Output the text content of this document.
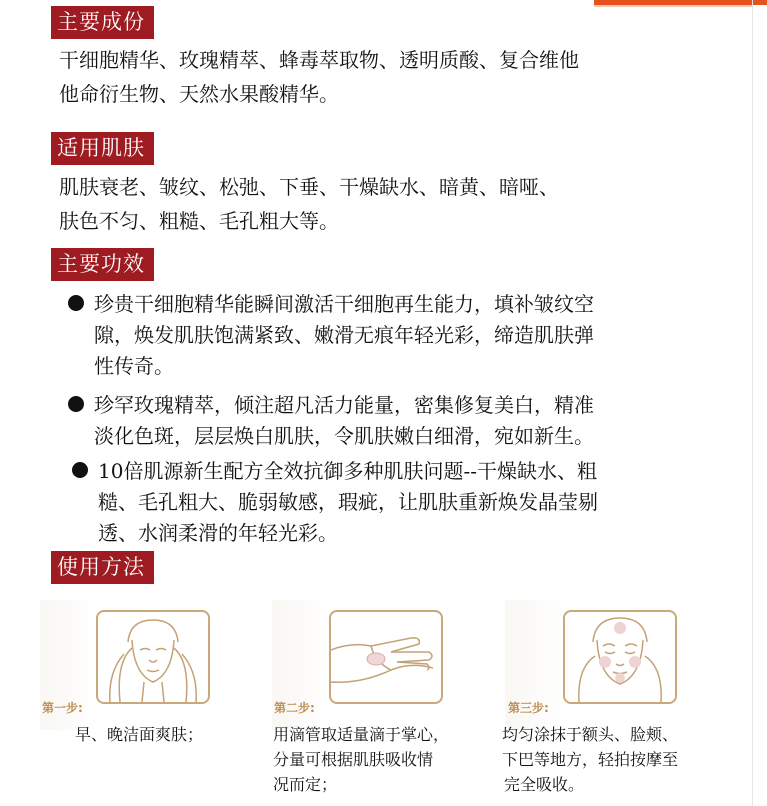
主要成份
干细胞精华、玫瑰精萃、蜂毒萃取物、透明质酸、复合维他
他命衍生物、天然水果酸精华。
适用肌肤
肌肤衰老、皱纹、松弛、下垂、干燥缺水、暗黄、暗哑、
肤色不匀、粗糙、毛孔粗大等。
主要功效
珍贵干细胞精华能瞬间激活干细胞再生能力，填补皱纹空
隙，焕发肌肤饱满紧致、嫩滑无痕年轻光彩，缔造肌肤弹
性传奇。
珍罕玫瑰精萃，倾注超凡活力能量，密集修复美白，精准
淡化色斑，层层焕白肌肤，令肌肤嫩白细滑，宛如新生。
10倍肌源新生配方全效抗御多种肌肤问题--干燥缺水、粗
糙、毛孔粗大、脆弱敏感，瑕疵，让肌肤重新焕发晶莹剔
透、水润柔滑的年轻光彩。
使用方法
第一步:
早、晚洁面爽肤；
第二步:
用滴管取适量滴于掌心，
分量可根据肌肤吸收情
况而定；
第三步:
均匀涂抹于额头、脸颊、
下巴等地方，轻拍按摩至
完全吸收。
